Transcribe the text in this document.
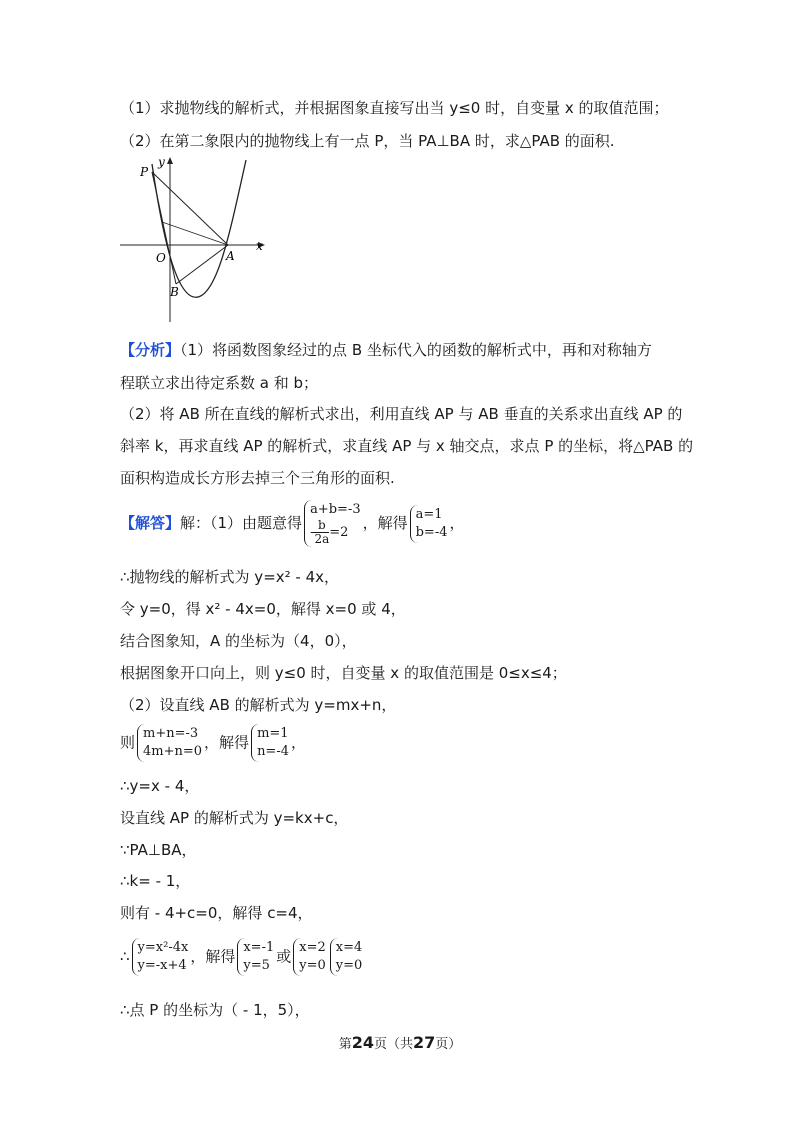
（1）求抛物线的解析式，并根据图象直接写出当 y≤0 时，自变量 x 的取值范围；
（2）在第二象限内的抛物线上有一点 P，当 PA⊥BA 时，求△PAB 的面积.
P
y
x
O	A
B
【分析】（1）将函数图象经过的点 B 坐标代入的函数的解析式中，再和对称轴方
程联立求出待定系数 a 和 b；
（2）将 AB 所在直线的解析式求出，利用直线 AP 与 AB 垂直的关系求出直线 AP 的
斜率 k，再求直线 AP 的解析式，求直线 AP 与 x 轴交点，求点 P 的坐标，将△PAB 的
面积构造成长方形去掉三个三角形的面积.
【解答】解：（1）由题意得
a+b=-3
- $\frac{b}{2a} =2$
，解得 a=1
b=-4 ，
∴抛物线的解析式为 y=x² - 4x，
令 y=0，得 x² - 4x=0，解得 x=0 或 4，
结合图象知，A 的坐标为（4，0），
根据图象开口向上，则 y≤0 时，自变量 x 的取值范围是 0≤x≤4；
（2）设直线 AB 的解析式为 y=mx+n，
则 m+n=-3
4m+n=0 ，解得 m=1
n=-4 ，
∴y=x - 4，
设直线 AP 的解析式为 y=kx+c，
∵PA⊥BA，
∴k= - 1，
则有 - 4+c=0，解得 c=4，
∴ y=x²-4x
y=-x+4 ，解得 x=-1
y=5 或 x=2
y=0
x=4
y=0
∴点 P 的坐标为（ - 1，5），
第24页（共27页）
